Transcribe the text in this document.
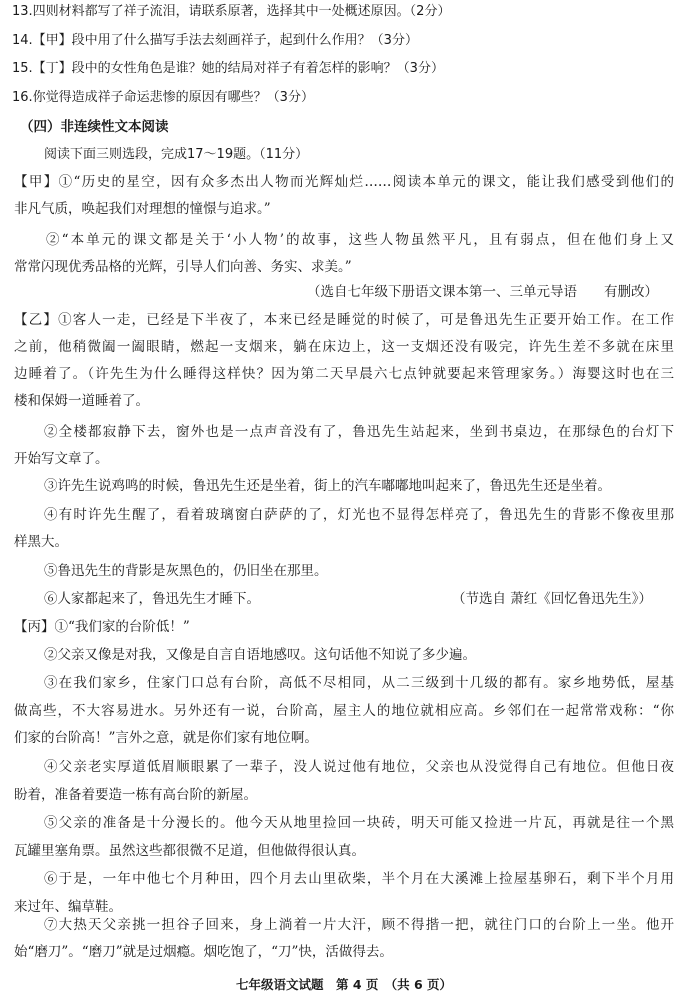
13.四则材料都写了祥子流泪，请联系原著，选择其中一处概述原因。（2分）
14.【甲】段中用了什么描写手法去刻画祥子，起到什么作用？（3分）
15.【丁】段中的女性角色是谁？她的结局对祥子有着怎样的影响？（3分）
16.你觉得造成祥子命运悲惨的原因有哪些？（3分）
（四）非连续性文本阅读
阅读下面三则选段，完成17～19题。（11分）
【甲】①“历史的星空，因有众多杰出人物而光辉灿烂……阅读本单元的课文，能让我们感受到他们的
非凡气质，唤起我们对理想的憧憬与追求。”
②“本单元的课文都是关于‘小人物’的故事，这些人物虽然平凡，且有弱点，但在他们身上又
常常闪现优秀品格的光辉，引导人们向善、务实、求美。”
（选自七年级下册语文课本第一、三单元导语　　有删改）
【乙】①客人一走，已经是下半夜了，本来已经是睡觉的时候了，可是鲁迅先生正要开始工作。在工作
之前，他稍微阖一阖眼睛，燃起一支烟来，躺在床边上，这一支烟还没有吸完，许先生差不多就在床里
边睡着了。（许先生为什么睡得这样快？因为第二天早晨六七点钟就要起来管理家务。）海婴这时也在三
楼和保姆一道睡着了。
②全楼都寂静下去，窗外也是一点声音没有了，鲁迅先生站起来，坐到书桌边，在那绿色的台灯下
开始写文章了。
③许先生说鸡鸣的时候，鲁迅先生还是坐着，街上的汽车嘟嘟地叫起来了，鲁迅先生还是坐着。
④有时许先生醒了，看着玻璃窗白萨萨的了，灯光也不显得怎样亮了，鲁迅先生的背影不像夜里那
样黑大。
⑤鲁迅先生的背影是灰黑色的，仍旧坐在那里。
⑥人家都起来了，鲁迅先生才睡下。	（节选自 萧红《回忆鲁迅先生》）
【丙】①“我们家的台阶低！”
②父亲又像是对我，又像是自言自语地感叹。这句话他不知说了多少遍。
③在我们家乡，住家门口总有台阶，高低不尽相同，从二三级到十几级的都有。家乡地势低，屋基
做高些，不大容易进水。另外还有一说，台阶高，屋主人的地位就相应高。乡邻们在一起常常戏称：“你
们家的台阶高！”言外之意，就是你们家有地位啊。
④父亲老实厚道低眉顺眼累了一辈子，没人说过他有地位，父亲也从没觉得自己有地位。但他日夜
盼着，准备着要造一栋有高台阶的新屋。
⑤父亲的准备是十分漫长的。他今天从地里捡回一块砖，明天可能又捡进一片瓦，再就是往一个黑
瓦罐里塞角票。虽然这些都很微不足道，但他做得很认真。
⑥于是，一年中他七个月种田，四个月去山里砍柴，半个月在大溪滩上捡屋基卵石，剩下半个月用
来过年、编草鞋。
⑦大热天父亲挑一担谷子回来，身上淌着一片大汗，顾不得揩一把，就往门口的台阶上一坐。他开
始“磨刀”。“磨刀”就是过烟瘾。烟吃饱了，“刀”快，活做得去。
七年级语文试题　第 4 页　（共 6 页）
